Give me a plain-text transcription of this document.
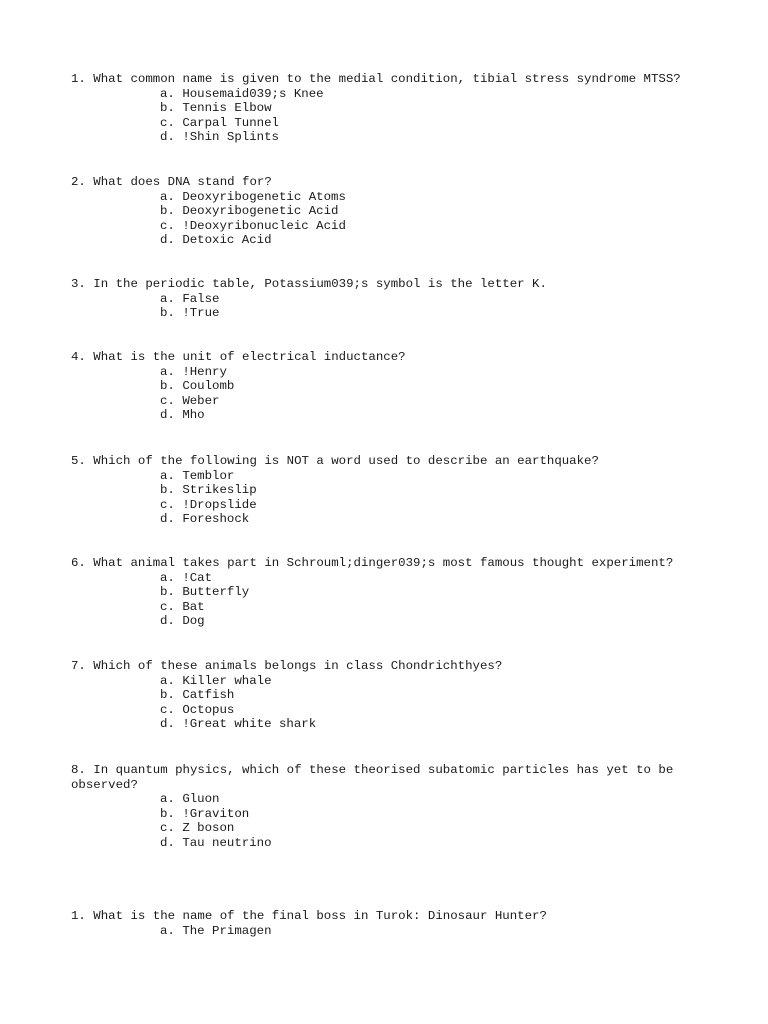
1. What common name is given to the medial condition, tibial stress syndrome MTSS?

a. Housemaid039;s Knee
b. Tennis Elbow
c. Carpal Tunnel
d. !Shin Splints

2. What does DNA stand for?

a. Deoxyribogenetic Atoms
b. Deoxyribogenetic Acid
c. !Deoxyribonucleic Acid
d. Detoxic Acid

3. In the periodic table, Potassium039;s symbol is the letter K.

a. False
b. !True

4. What is the unit of electrical inductance?

a. !Henry
b. Coulomb
c. Weber
d. Mho

5. Which of the following is NOT a word used to describe an earthquake?

a. Temblor
b. Strikeslip
c. !Dropslide
d. Foreshock

6. What animal takes part in Schrouml;dinger039;s most famous thought experiment?

a. !Cat
b. Butterfly
c. Bat
d. Dog

7. Which of these animals belongs in class Chondrichthyes?

a. Killer whale
b. Catfish
c. Octopus
d. !Great white shark

8. In quantum physics, which of these theorised subatomic particles has yet to be observed?

a. Gluon
b. !Graviton
c. Z boson
d. Tau neutrino

1. What is the name of the final boss in Turok: Dinosaur Hunter?

a. The Primagen
